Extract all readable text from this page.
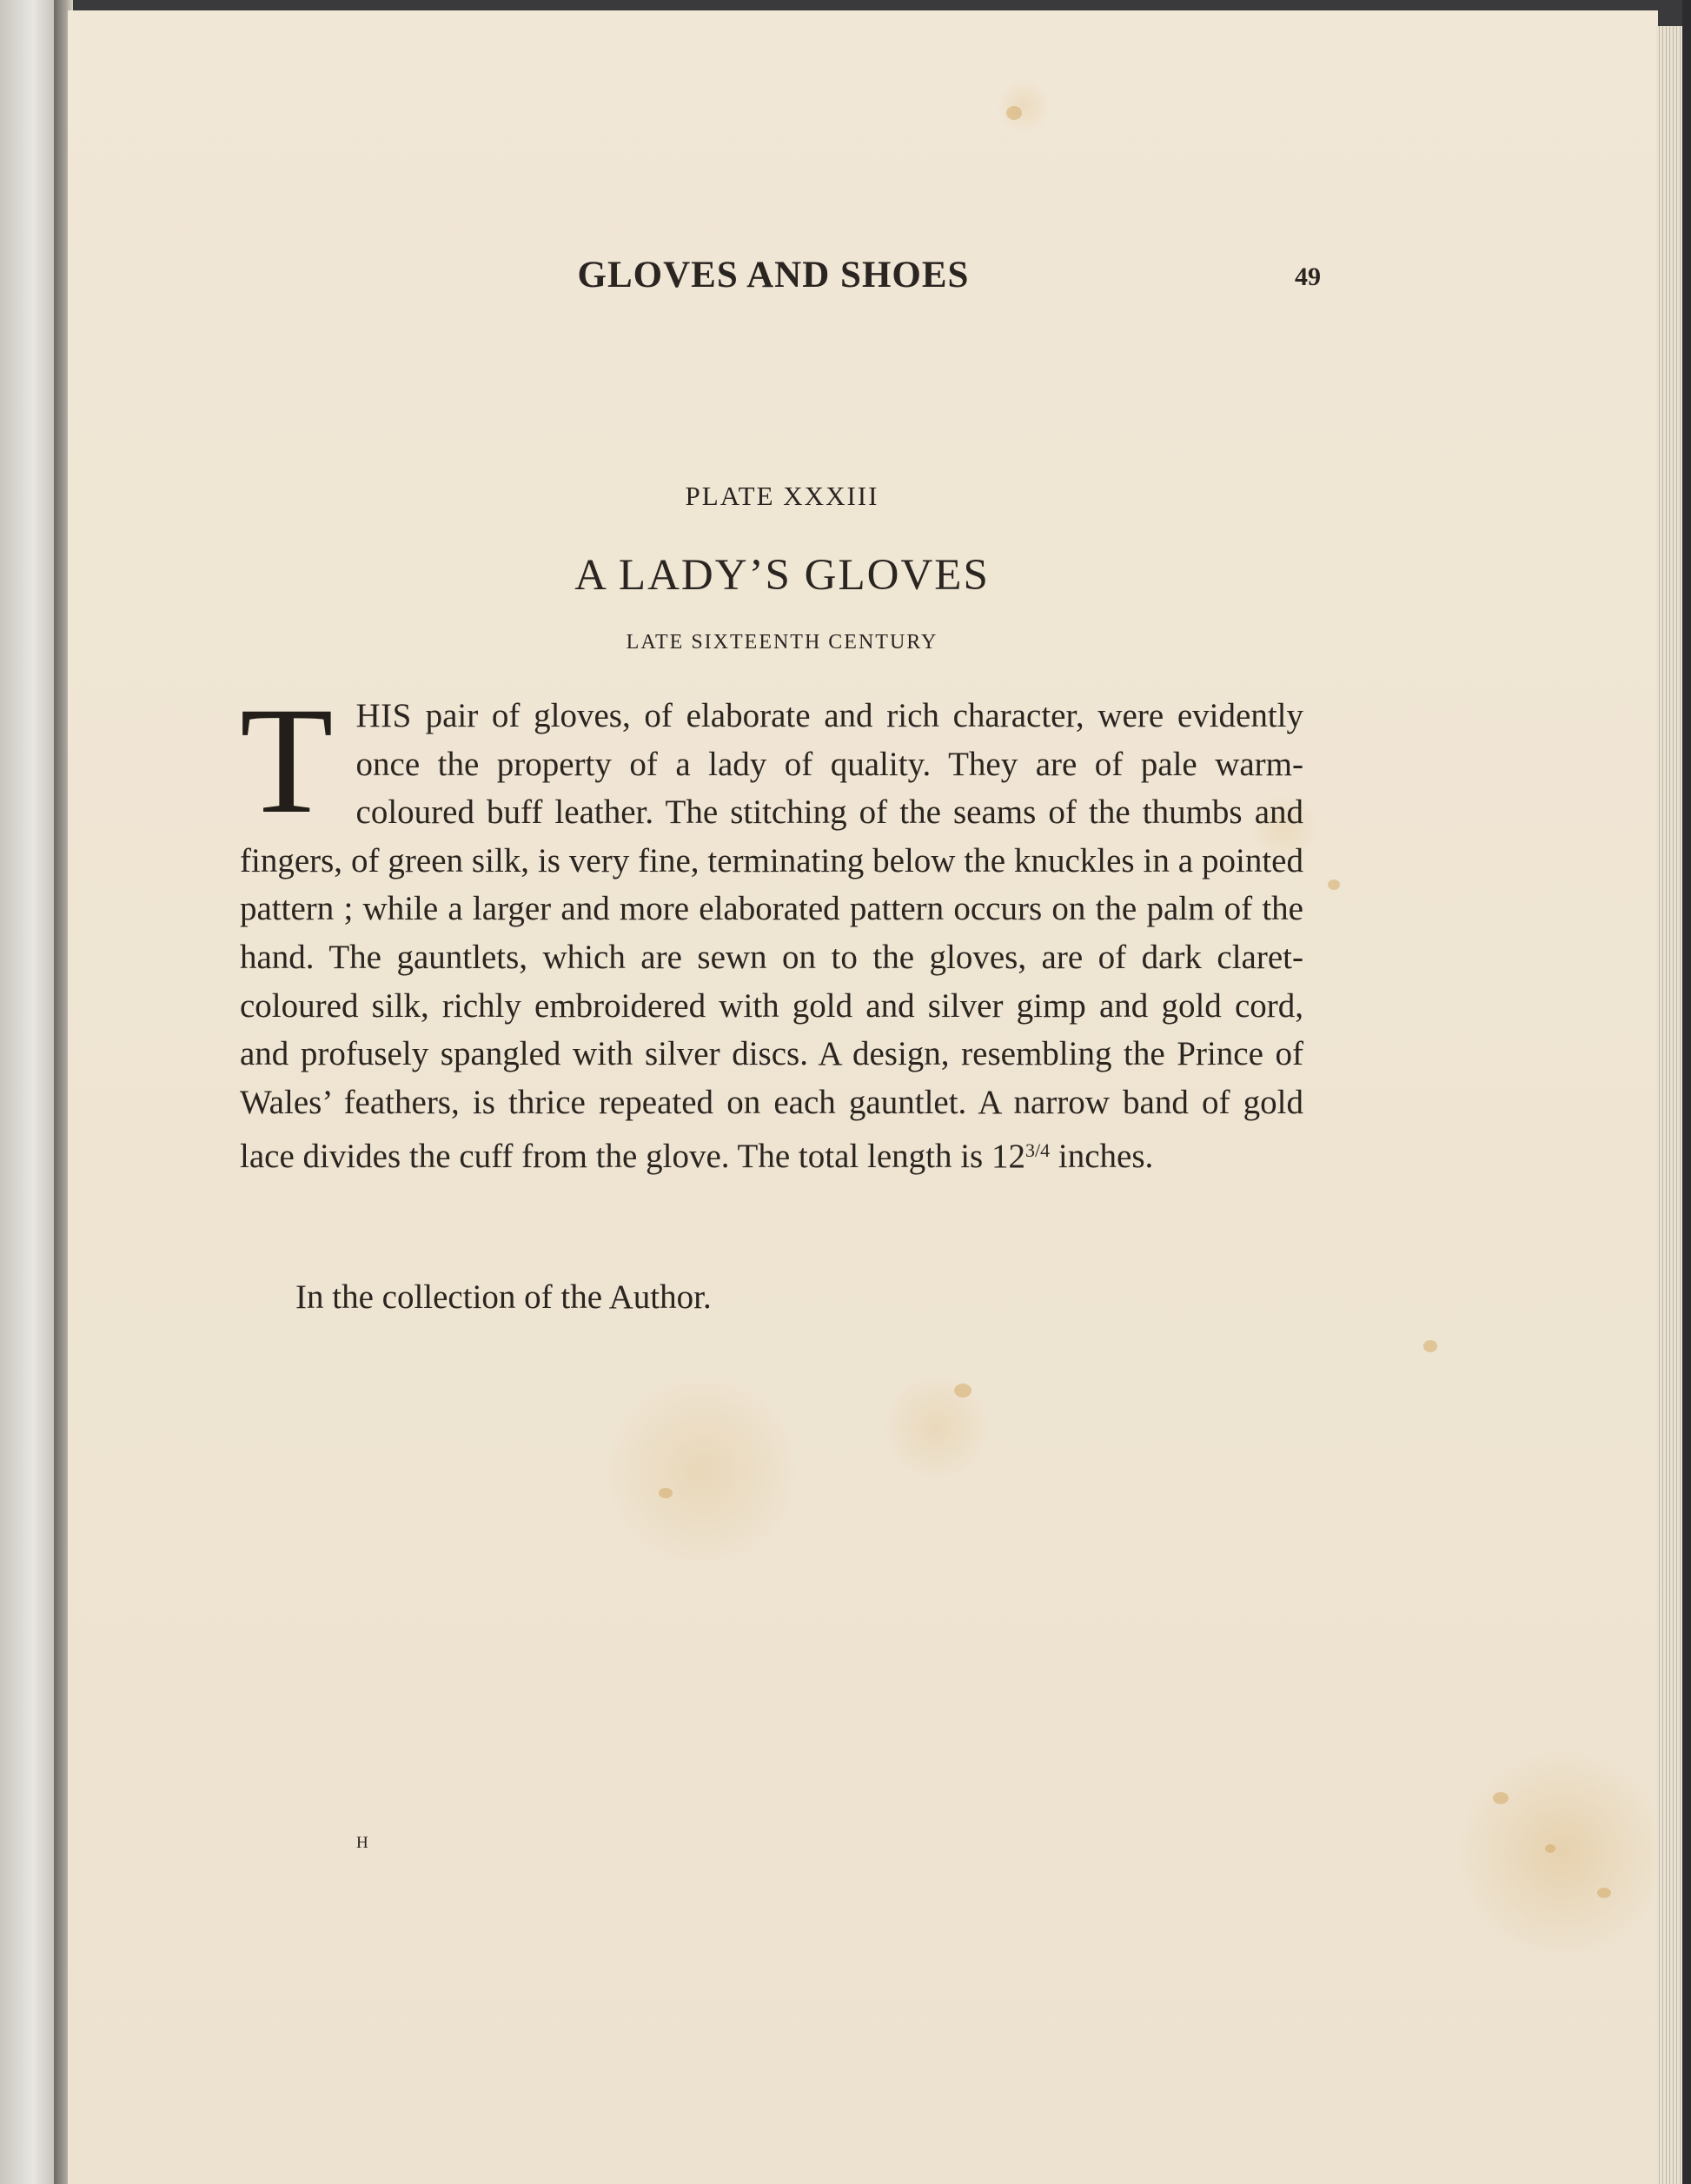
GLOVES AND SHOES	49
PLATE XXXIII
A LADY’S GLOVES
LATE SIXTEENTH CENTURY
T HIS pair of gloves, of elaborate and rich character, were evidently once the property of a lady of quality. They are of pale warm-coloured buff leather. The stitching of the seams of the thumbs and fingers, of green silk, is very fine, terminating below the knuckles in a pointed pattern ; while a larger and more elaborated pattern occurs on the palm of the hand. The gauntlets, which are sewn on to the gloves, are of dark claret-coloured silk, richly embroidered with gold and silver gimp and gold cord, and profusely spangled with silver discs. A design, resembling the Prince of Wales’ feathers, is thrice repeated on each gauntlet. A narrow band of gold lace divides the cuff from the glove. The total length is $12^{3/4}$ inches.
In the collection of the Author.
H
